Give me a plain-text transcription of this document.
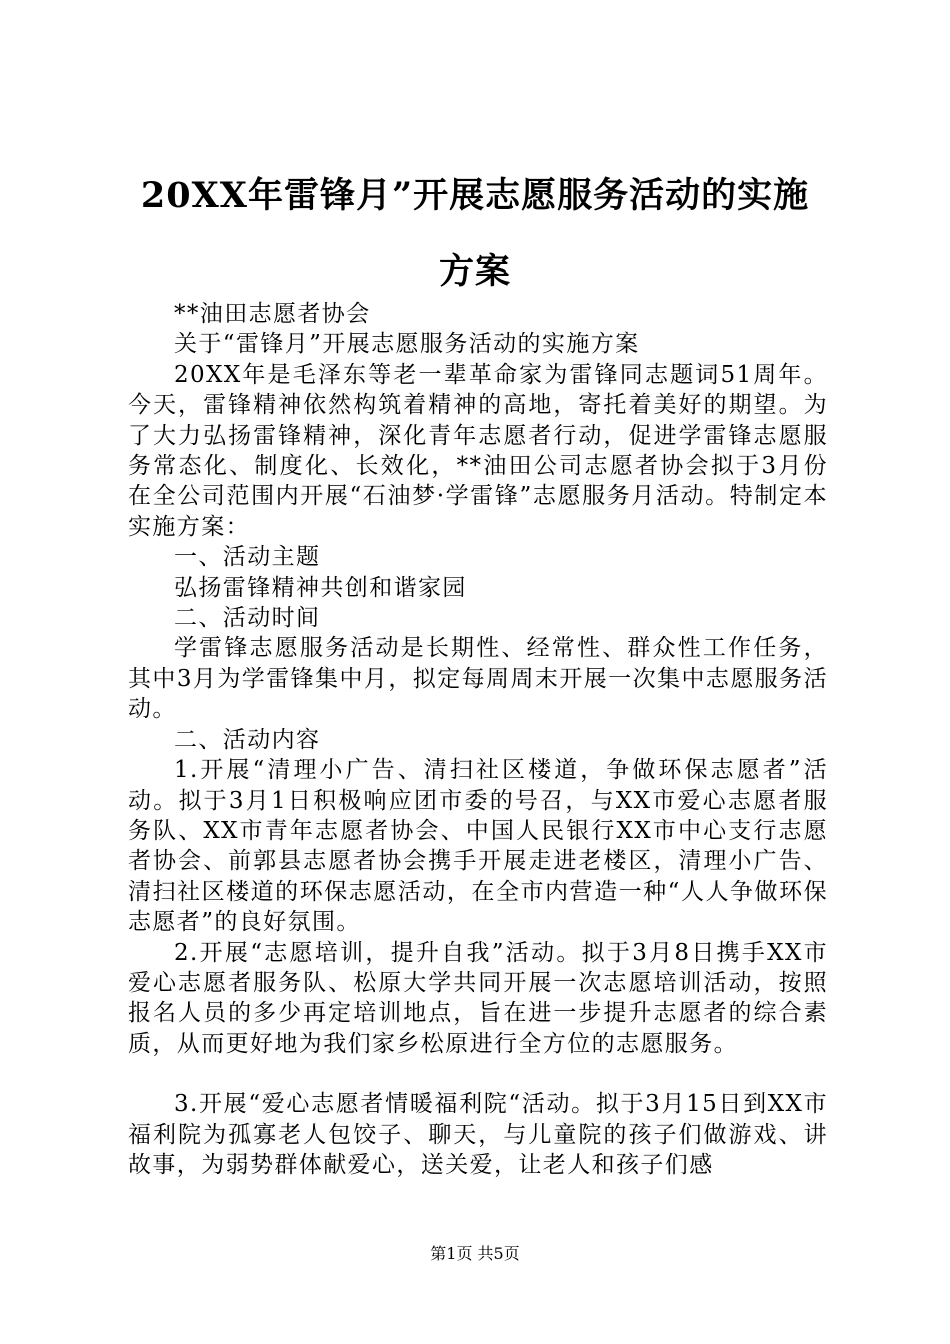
20XX年雷锋月”开展志愿服务活动的实施方案

**油田志愿者协会

关于“雷锋月”开展志愿服务活动的实施方案

20XX年是毛泽东等老一辈革命家为雷锋同志题词51周年。今天，雷锋精神依然构筑着精神的高地，寄托着美好的期望。为了大力弘扬雷锋精神，深化青年志愿者行动，促进学雷锋志愿服务常态化、制度化、长效化，**油田公司志愿者协会拟于3月份在全公司范围内开展“石油梦·学雷锋”志愿服务月活动。特制定本实施方案：

一、活动主题

弘扬雷锋精神共创和谐家园

二、活动时间

学雷锋志愿服务活动是长期性、经常性、群众性工作任务，其中3月为学雷锋集中月，拟定每周周末开展一次集中志愿服务活动。

二、活动内容

1.开展“清理小广告、清扫社区楼道，争做环保志愿者”活动。拟于3月1日积极响应团市委的号召，与XX市爱心志愿者服务队、XX市青年志愿者协会、中国人民银行XX市中心支行志愿者协会、前郭县志愿者协会携手开展走进老楼区，清理小广告、清扫社区楼道的环保志愿活动，在全市内营造一种“人人争做环保志愿者”的良好氛围。

2.开展“志愿培训，提升自我”活动。拟于3月8日携手XX市爱心志愿者服务队、松原大学共同开展一次志愿培训活动，按照报名人员的多少再定培训地点，旨在进一步提升志愿者的综合素质，从而更好地为我们家乡松原进行全方位的志愿服务。

3.开展“爱心志愿者情暖福利院“活动。拟于3月15日到XX市福利院为孤寡老人包饺子、聊天，与儿童院的孩子们做游戏、讲故事，为弱势群体献爱心，送关爱，让老人和孩子们感

第1页 共5页
